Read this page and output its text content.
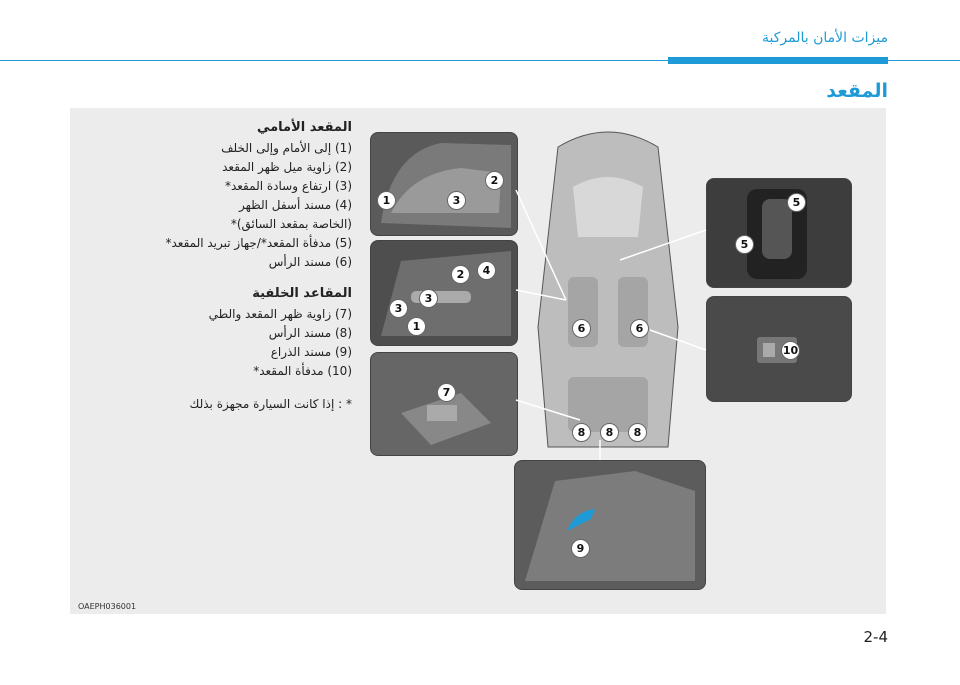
ميزات الأمان بالمركبة
المقعد
المقعد الأمامي
(1) إلى الأمام وإلى الخلف
(2) زاوية ميل ظهر المقعد
(3) ارتفاع وسادة المقعد*
(4) مسند أسفل الظهر
(الخاصة بمقعد السائق)*
(5) مدفأة المقعد*/جهاز تبريد المقعد*
(6) مسند الرأس
المقاعد الخلفية
(7) زاوية ظهر المقعد والطي
(8) مسند الرأس
(9) مسند الذراع
(10) مدفأة المقعد*
* : إذا كانت السيارة مجهزة بذلك
1	3
2
2	4
3
3
1
7
5
5
10
9
6	6
8	8	8
OAEPH036001
2-4
